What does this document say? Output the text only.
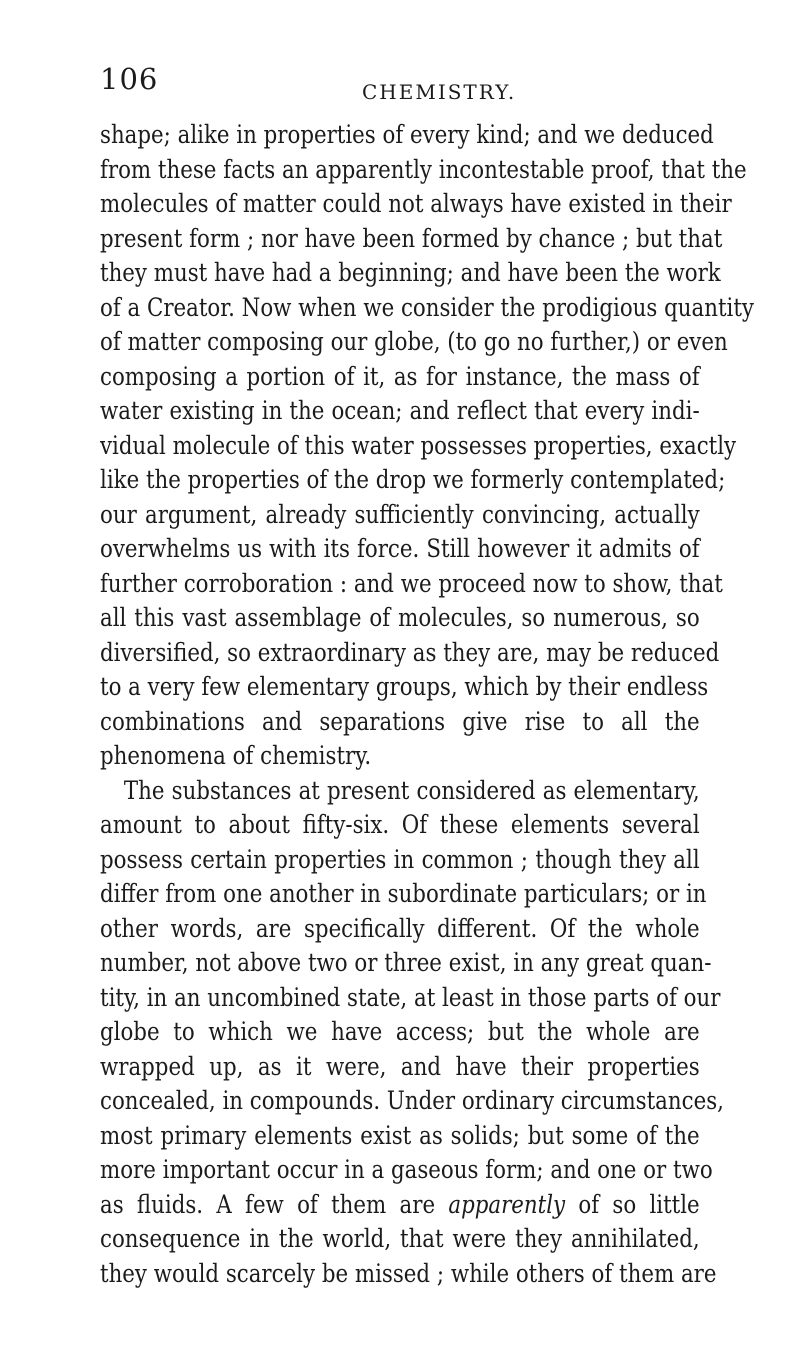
106	CHEMISTRY.
shape; alike in properties of every kind; and we deduced
from these facts an apparently incontestable proof, that the
molecules of matter could not always have existed in their
present form ; nor have been formed by chance ; but that
they must have had a beginning; and have been the work
of a Creator. Now when we consider the prodigious quantity
of matter composing our globe, (to go no further,) or even
composing a portion of it, as for instance, the mass of
water existing in the ocean; and reflect that every indi-
vidual molecule of this water possesses properties, exactly
like the properties of the drop we formerly contemplated;
our argument, already sufficiently convincing, actually
overwhelms us with its force. Still however it admits of
further corroboration : and we proceed now to show, that
all this vast assemblage of molecules, so numerous, so
diversified, so extraordinary as they are, may be reduced
to a very few elementary groups, which by their endless
combinations and separations give rise to all the
phenomena of chemistry.
The substances at present considered as elementary,
amount to about fifty-six. Of these elements several
possess certain properties in common ; though they all
differ from one another in subordinate particulars; or in
other words, are specifically different. Of the whole
number, not above two or three exist, in any great quan-
tity, in an uncombined state, at least in those parts of our
globe to which we have access; but the whole are
wrapped up, as it were, and have their properties
concealed, in compounds. Under ordinary circumstances,
most primary elements exist as solids; but some of the
more important occur in a gaseous form; and one or two
as fluids. A few of them are apparently of so little
consequence in the world, that were they annihilated,
they would scarcely be missed ; while others of them are
